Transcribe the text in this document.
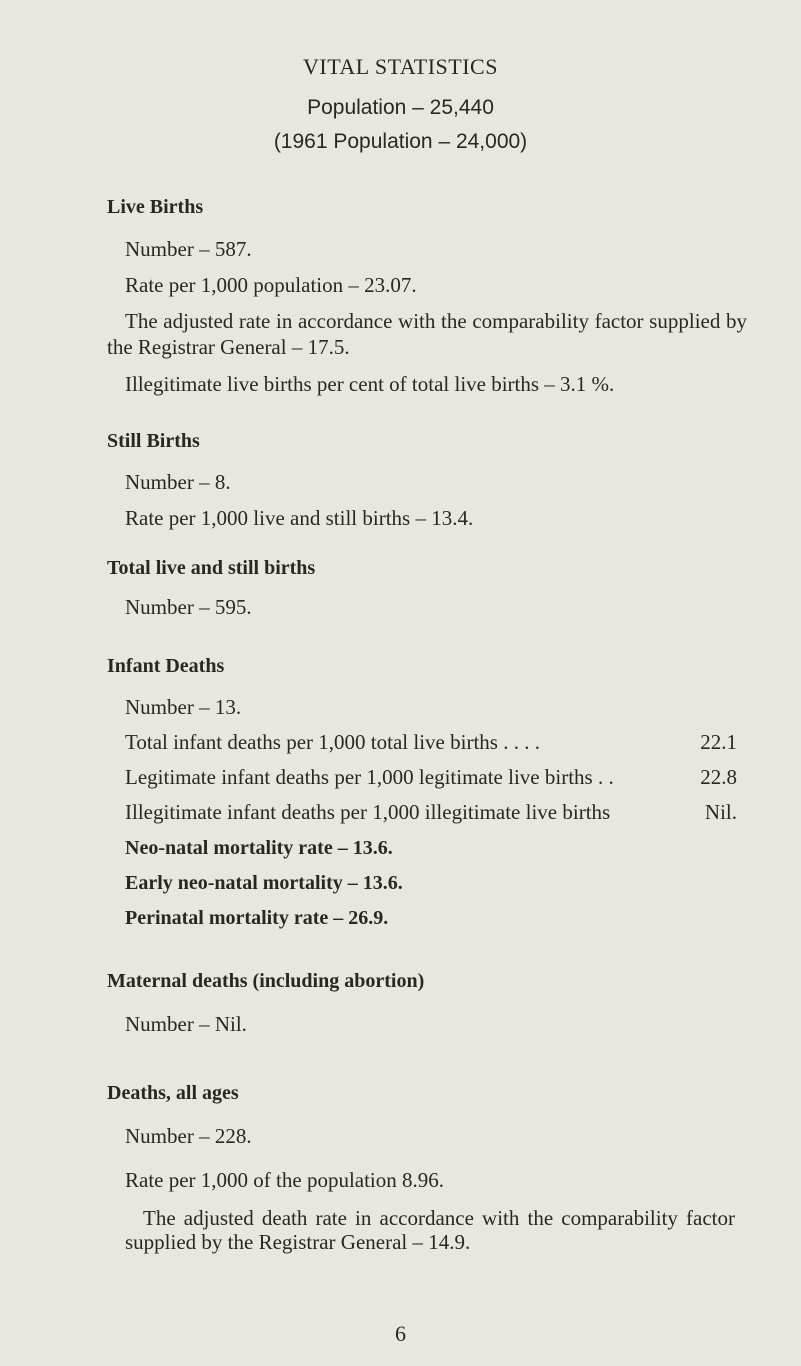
VITAL STATISTICS
Population – 25,440
(1961 Population – 24,000)
Live Births
Number – 587.
Rate per 1,000 population – 23.07.
The adjusted rate in accordance with the comparability factor supplied by the Registrar General – 17.5.
Illegitimate live births per cent of total live births – 3.1 %.
Still Births
Number – 8.
Rate per 1,000 live and still births – 13.4.
Total live and still births
Number – 595.
Infant Deaths
Number – 13.
Total infant deaths per 1,000 total live births . . . .	22.1
Legitimate infant deaths per 1,000 legitimate live births . .	22.8
Illegitimate infant deaths per 1,000 illegitimate live births	Nil.
Neo-natal mortality rate – 13.6.
Early neo-natal mortality – 13.6.
Perinatal mortality rate – 26.9.
Maternal deaths (including abortion)
Number – Nil.
Deaths, all ages
Number – 228.
Rate per 1,000 of the population 8.96.
The adjusted death rate in accordance with the comparability factor supplied by the Registrar General – 14.9.
6
